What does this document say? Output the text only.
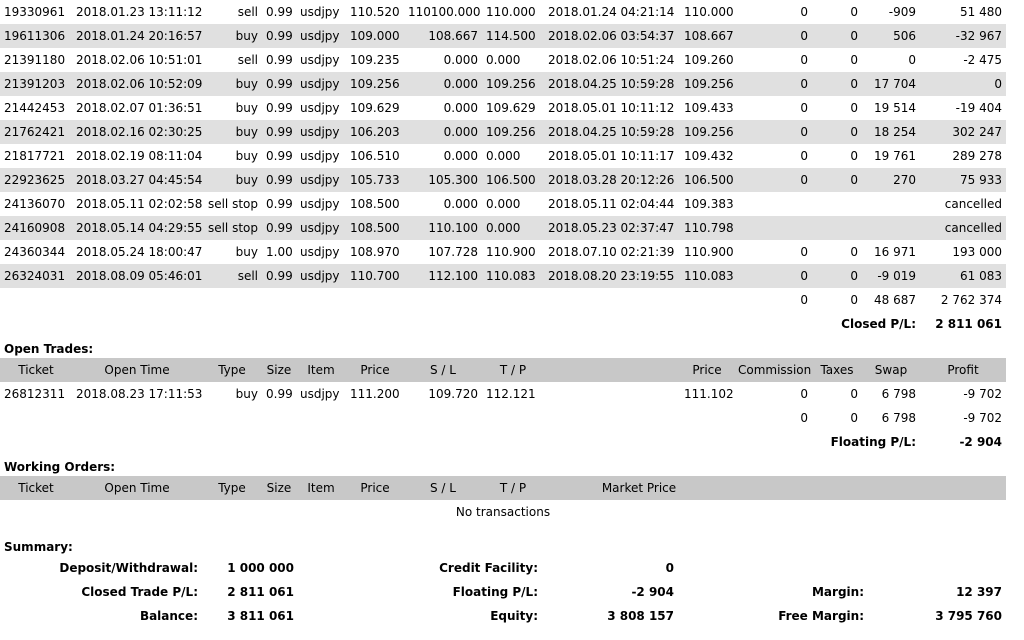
19330961	2018.01.23 13:11:12	sell	0.99	usdjpy	110.520	110100.000	110.000	2018.01.24 04:21:14	110.000	0	0	-909	51 480
19611306	2018.01.24 20:16:57	buy	0.99	usdjpy	109.000	108.667	114.500	2018.02.06 03:54:37	108.667	0	0	506	-32 967
21391180	2018.02.06 10:51:01	sell	0.99	usdjpy	109.235	0.000	0.000	2018.02.06 10:51:24	109.260	0	0	0	-2 475
21391203	2018.02.06 10:52:09	buy	0.99	usdjpy	109.256	0.000	109.256	2018.04.25 10:59:28	109.256	0	0	17 704	0
21442453	2018.02.07 01:36:51	buy	0.99	usdjpy	109.629	0.000	109.629	2018.05.01 10:11:12	109.433	0	0	19 514	-19 404
21762421	2018.02.16 02:30:25	buy	0.99	usdjpy	106.203	0.000	109.256	2018.04.25 10:59:28	109.256	0	0	18 254	302 247
21817721	2018.02.19 08:11:04	buy	0.99	usdjpy	106.510	0.000	0.000	2018.05.01 10:11:17	109.432	0	0	19 761	289 278
22923625	2018.03.27 04:45:54	buy	0.99	usdjpy	105.733	105.300	106.500	2018.03.28 20:12:26	106.500	0	0	270	75 933
24136070	2018.05.11 02:02:58	sell stop	0.99	usdjpy	108.500	0.000	0.000	2018.05.11 02:04:44	109.383				cancelled
24160908	2018.05.14 04:29:55	sell stop	0.99	usdjpy	108.500	110.100	0.000	2018.05.23 02:37:47	110.798				cancelled
24360344	2018.05.24 18:00:47	buy	1.00	usdjpy	108.970	107.728	110.900	2018.07.10 02:21:39	110.900	0	0	16 971	193 000
26324031	2018.08.09 05:46:01	sell	0.99	usdjpy	110.700	112.100	110.083	2018.08.20 23:19:55	110.083	0	0	-9 019	61 083
										0	0	48 687	2 762 374
										Closed P/L:			2 811 061
Open Trades:
Ticket	Open Time	Type	Size	Item	Price	S / L	T / P		Price	Commission	Taxes	Swap	Profit
26812311	2018.08.23 17:11:53	buy	0.99	usdjpy	111.200	109.720	112.121		111.102	0	0	6 798	-9 702
										0	0	6 798	-9 702
										Floating P/L:			-2 904
Working Orders:
Ticket	Open Time	Type	Size	Item	Price	S / L	T / P	Market Price	
No transactions
Summary:
Deposit/Withdrawal:	1 000 000	Credit Facility:	0		
Closed Trade P/L:	2 811 061	Floating P/L:	-2 904	Margin:	12 397
Balance:	3 811 061	Equity:	3 808 157	Free Margin:	3 795 760
